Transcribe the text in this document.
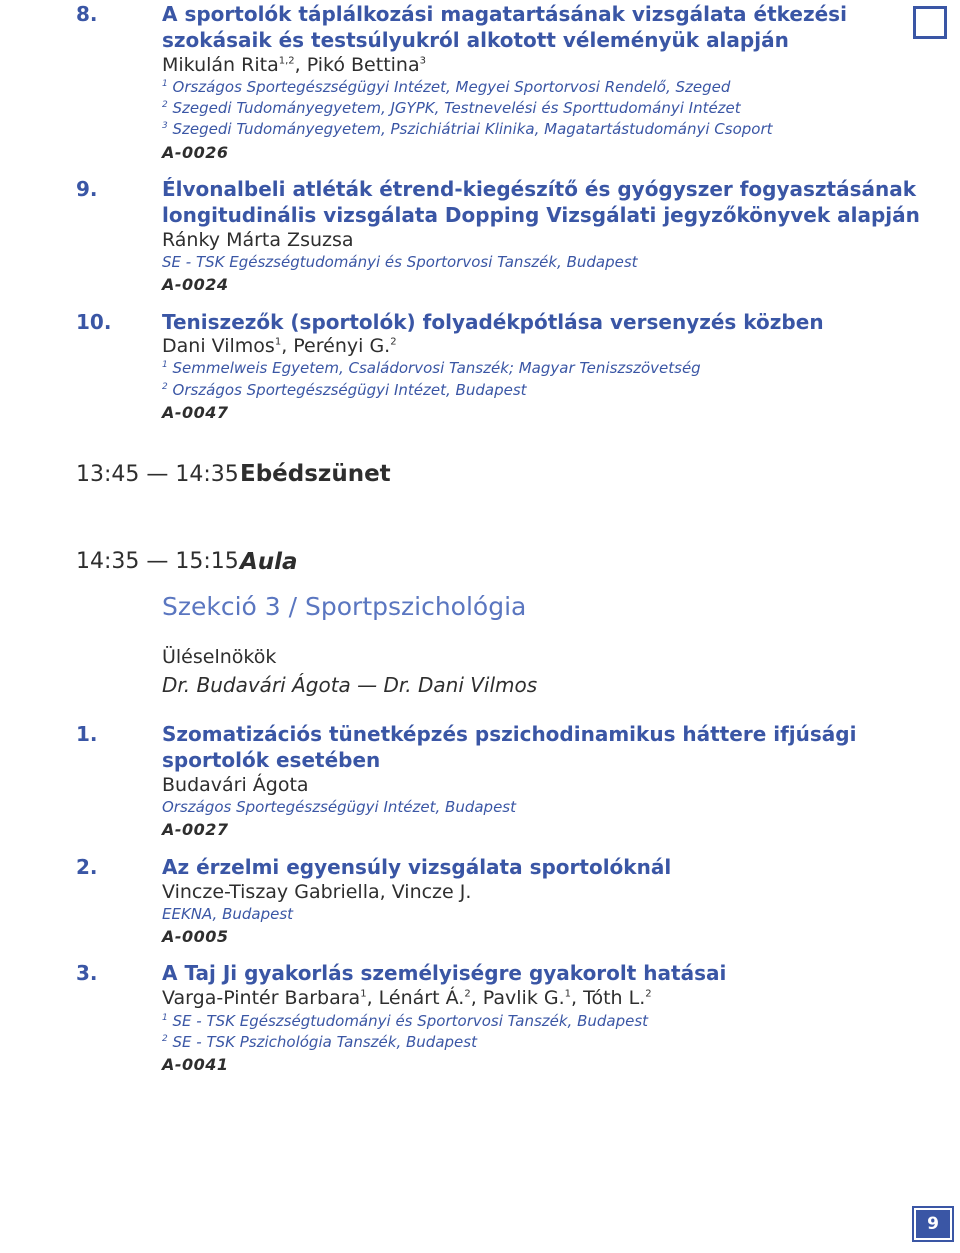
8.	A sportolók táplálkozási magatartásának vizsgálata étkezési
szokásaik és testsúlyukról alkotott véleményük alapján
Mikulán Rita$^{1,2}$, Pikó Bettina$^3$
$^1$ Országos Sportegészségügyi Intézet, Megyei Sportorvosi Rendelő, Szeged
$^2$ Szegedi Tudományegyetem, JGYPK, Testnevelési és Sporttudományi Intézet
$^3$ Szegedi Tudományegyetem, Pszichiátriai Klinika, Magatartástudományi Csoport
A-0026
9.	Élvonalbeli atléták étrend-kiegészítő és gyógyszer fogyasztásának
longitudinális vizsgálata Dopping Vizsgálati jegyzőkönyvek alapján
Ránky Márta Zsuzsa
SE - TSK Egészségtudományi és Sportorvosi Tanszék, Budapest
A-0024
10.	Teniszezők (sportolók) folyadékpótlása versenyzés közben
Dani Vilmos$^1$, Perényi G.$^2$
$^1$ Semmelweis Egyetem, Családorvosi Tanszék; Magyar Teniszszövetség
$^2$ Országos Sportegészségügyi Intézet, Budapest
A-0047
13:45 — 14:35 Ebédszünet
14:35 — 15:15 Aula
Szekció 3 / Sportpszichológia
Üléselnökök
Dr. Budavári Ágota — Dr. Dani Vilmos
1.	Szomatizációs tünetképzés pszichodinamikus háttere ifjúsági
sportolók esetében
Budavári Ágota
Országos Sportegészségügyi Intézet, Budapest
A-0027
2.	Az érzelmi egyensúly vizsgálata sportolóknál
Vincze-Tiszay Gabriella, Vincze J.
EEKNA, Budapest
A-0005
3.	A Taj Ji gyakorlás személyiségre gyakorolt hatásai
Varga-Pintér Barbara$^1$, Lénárt Á.$^2$, Pavlik G.$^1$, Tóth L.$^2$
$^1$ SE - TSK Egészségtudományi és Sportorvosi Tanszék, Budapest
$^2$ SE - TSK Pszichológia Tanszék, Budapest
A-0041
9
